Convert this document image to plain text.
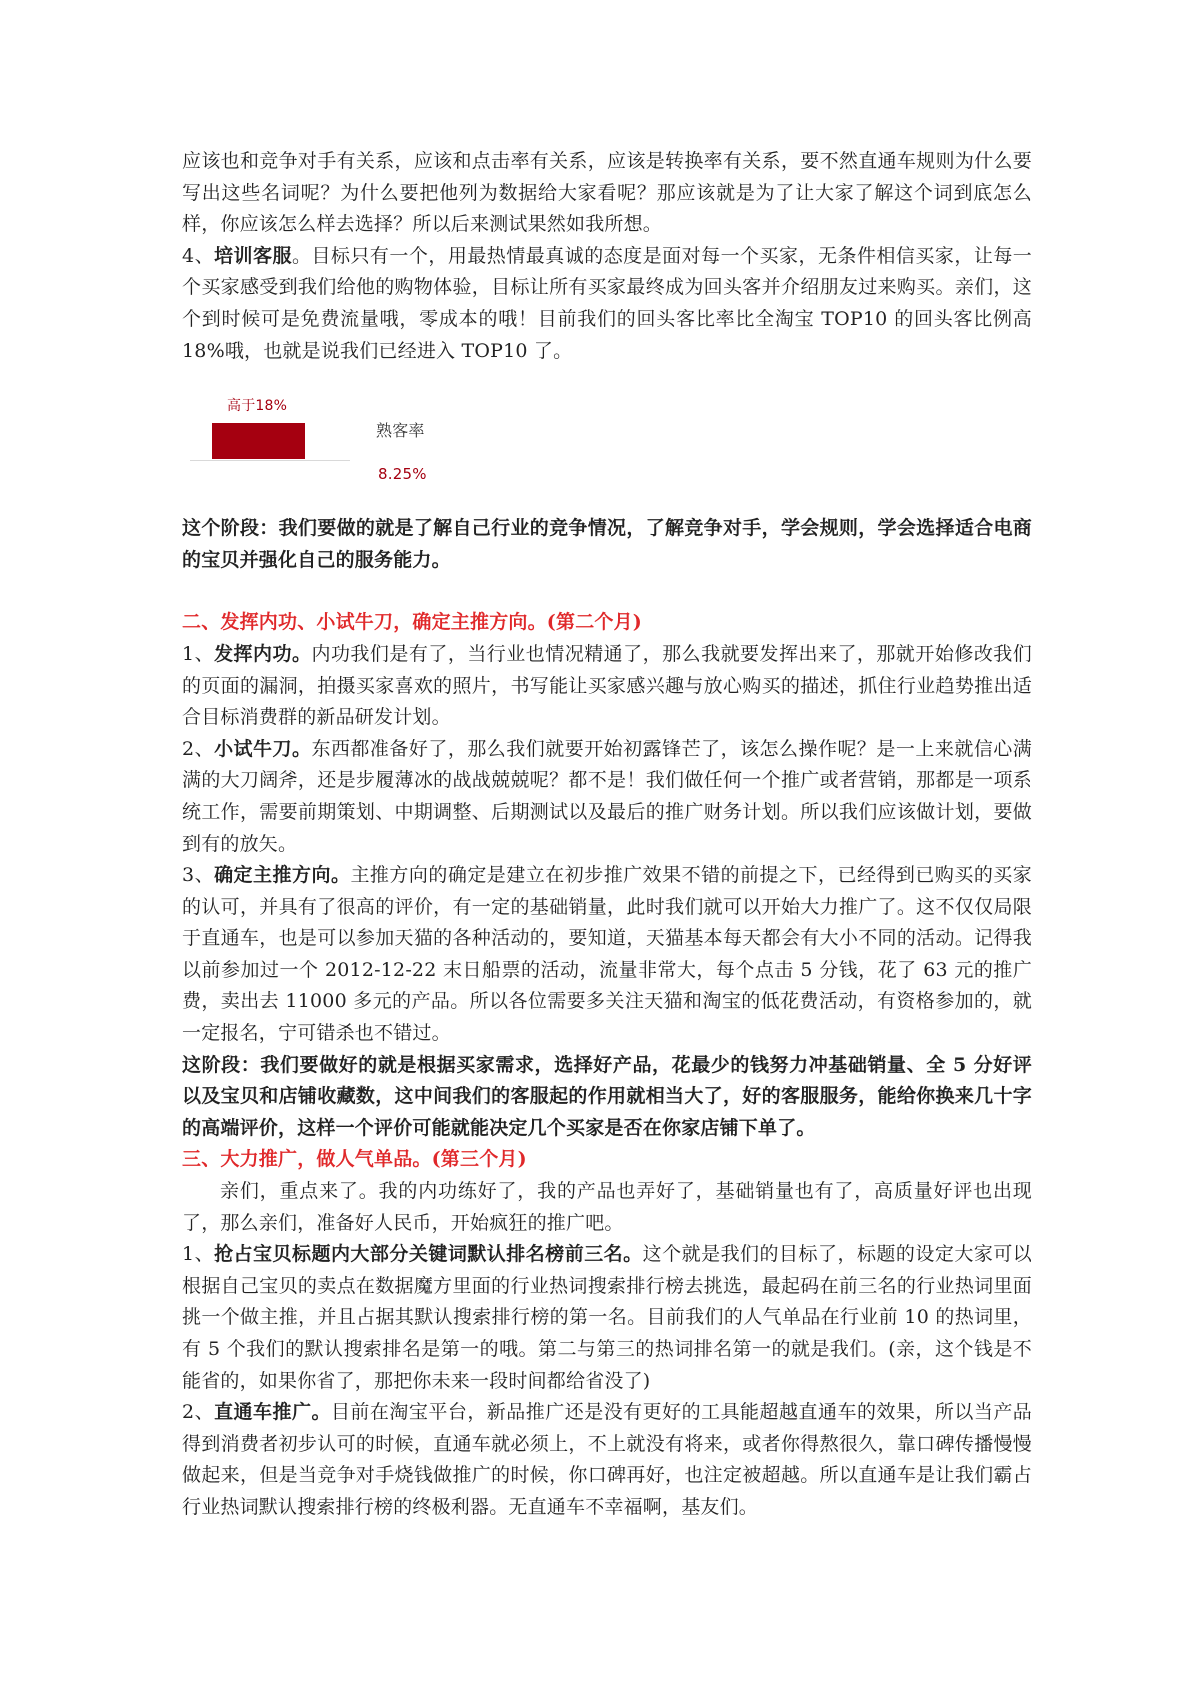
应该也和竞争对手有关系，应该和点击率有关系，应该是转换率有关系，要不然直通车规则为什么要写出这些名词呢？为什么要把他列为数据给大家看呢？那应该就是为了让大家了解这个词到底怎么样，你应该怎么样去选择？所以后来测试果然如我所想。

4、培训客服。目标只有一个，用最热情最真诚的态度是面对每一个买家，无条件相信买家，让每一个买家感受到我们给他的购物体验，目标让所有买家最终成为回头客并介绍朋友过来购买。亲们，这个到时候可是免费流量哦，零成本的哦！目前我们的回头客比率比全淘宝 TOP10 的回头客比例高 18%哦，也就是说我们已经进入 TOP10 了。

高于18%
熟客率
8.25%

这个阶段：我们要做的就是了解自己行业的竞争情况，了解竞争对手，学会规则，学会选择适合电商的宝贝并强化自己的服务能力。

二、发挥内功、小试牛刀，确定主推方向。(第二个月)

1、发挥内功。内功我们是有了，当行业也情况精通了，那么我就要发挥出来了，那就开始修改我们的页面的漏洞，拍摄买家喜欢的照片，书写能让买家感兴趣与放心购买的描述，抓住行业趋势推出适合目标消费群的新品研发计划。

2、小试牛刀。东西都准备好了，那么我们就要开始初露锋芒了，该怎么操作呢？是一上来就信心满满的大刀阔斧，还是步履薄冰的战战兢兢呢？都不是！我们做任何一个推广或者营销，那都是一项系统工作，需要前期策划、中期调整、后期测试以及最后的推广财务计划。所以我们应该做计划，要做到有的放矢。

3、确定主推方向。主推方向的确定是建立在初步推广效果不错的前提之下，已经得到已购买的买家的认可，并具有了很高的评价，有一定的基础销量，此时我们就可以开始大力推广了。这不仅仅局限于直通车，也是可以参加天猫的各种活动的，要知道，天猫基本每天都会有大小不同的活动。记得我以前参加过一个 2012-12-22 末日船票的活动，流量非常大，每个点击 5 分钱，花了 63 元的推广费，卖出去 11000 多元的产品。所以各位需要多关注天猫和淘宝的低花费活动，有资格参加的，就一定报名，宁可错杀也不错过。

这阶段：我们要做好的就是根据买家需求，选择好产品，花最少的钱努力冲基础销量、全 5 分好评以及宝贝和店铺收藏数，这中间我们的客服起的作用就相当大了，好的客服服务，能给你换来几十字的高端评价，这样一个评价可能就能决定几个买家是否在你家店铺下单了。

三、大力推广，做人气单品。(第三个月)

亲们，重点来了。我的内功练好了，我的产品也弄好了，基础销量也有了，高质量好评也出现了，那么亲们，准备好人民币，开始疯狂的推广吧。

1、抢占宝贝标题内大部分关键词默认排名榜前三名。这个就是我们的目标了，标题的设定大家可以根据自己宝贝的卖点在数据魔方里面的行业热词搜索排行榜去挑选，最起码在前三名的行业热词里面挑一个做主推，并且占据其默认搜索排行榜的第一名。目前我们的人气单品在行业前 10 的热词里，有 5 个我们的默认搜索排名是第一的哦。第二与第三的热词排名第一的就是我们。(亲，这个钱是不能省的，如果你省了，那把你未来一段时间都给省没了)

2、直通车推广。目前在淘宝平台，新品推广还是没有更好的工具能超越直通车的效果，所以当产品得到消费者初步认可的时候，直通车就必须上，不上就没有将来，或者你得熬很久，靠口碑传播慢慢做起来，但是当竞争对手烧钱做推广的时候，你口碑再好，也注定被超越。所以直通车是让我们霸占行业热词默认搜索排行榜的终极利器。无直通车不幸福啊，基友们。
